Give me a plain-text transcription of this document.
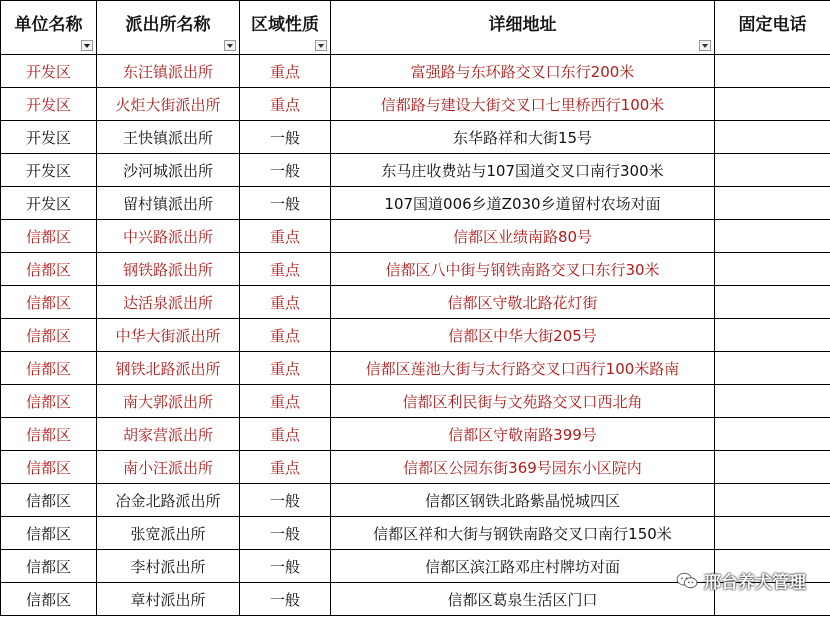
单位名称	派出所名称	区域性质	详细地址	固定电话
开发区	东汪镇派出所	重点	富强路与东环路交叉口东行200米	
开发区	火炬大街派出所	重点	信都路与建设大街交叉口七里桥西行100米	
开发区	王快镇派出所	一般	东华路祥和大街15号	
开发区	沙河城派出所	一般	东马庄收费站与107国道交叉口南行300米	
开发区	留村镇派出所	一般	107国道006乡道Z030乡道留村农场对面	
信都区	中兴路派出所	重点	信都区业绩南路80号	
信都区	钢铁路派出所	重点	信都区八中街与钢铁南路交叉口东行30米	
信都区	达活泉派出所	重点	信都区守敬北路花灯街	
信都区	中华大街派出所	重点	信都区中华大街205号	
信都区	钢铁北路派出所	重点	信都区莲池大街与太行路交叉口西行100米路南	
信都区	南大郭派出所	重点	信都区利民街与文苑路交叉口西北角	
信都区	胡家营派出所	重点	信都区守敬南路399号	
信都区	南小汪派出所	重点	信都区公园东街369号园东小区院内	
信都区	冶金北路派出所	一般	信都区钢铁北路紫晶悦城四区	
信都区	张宽派出所	一般	信都区祥和大街与钢铁南路交叉口南行150米	
信都区	李村派出所	一般	信都区滨江路邓庄村牌坊对面	
信都区	章村派出所	一般	信都区葛泉生活区门口	
邢台养犬管理
